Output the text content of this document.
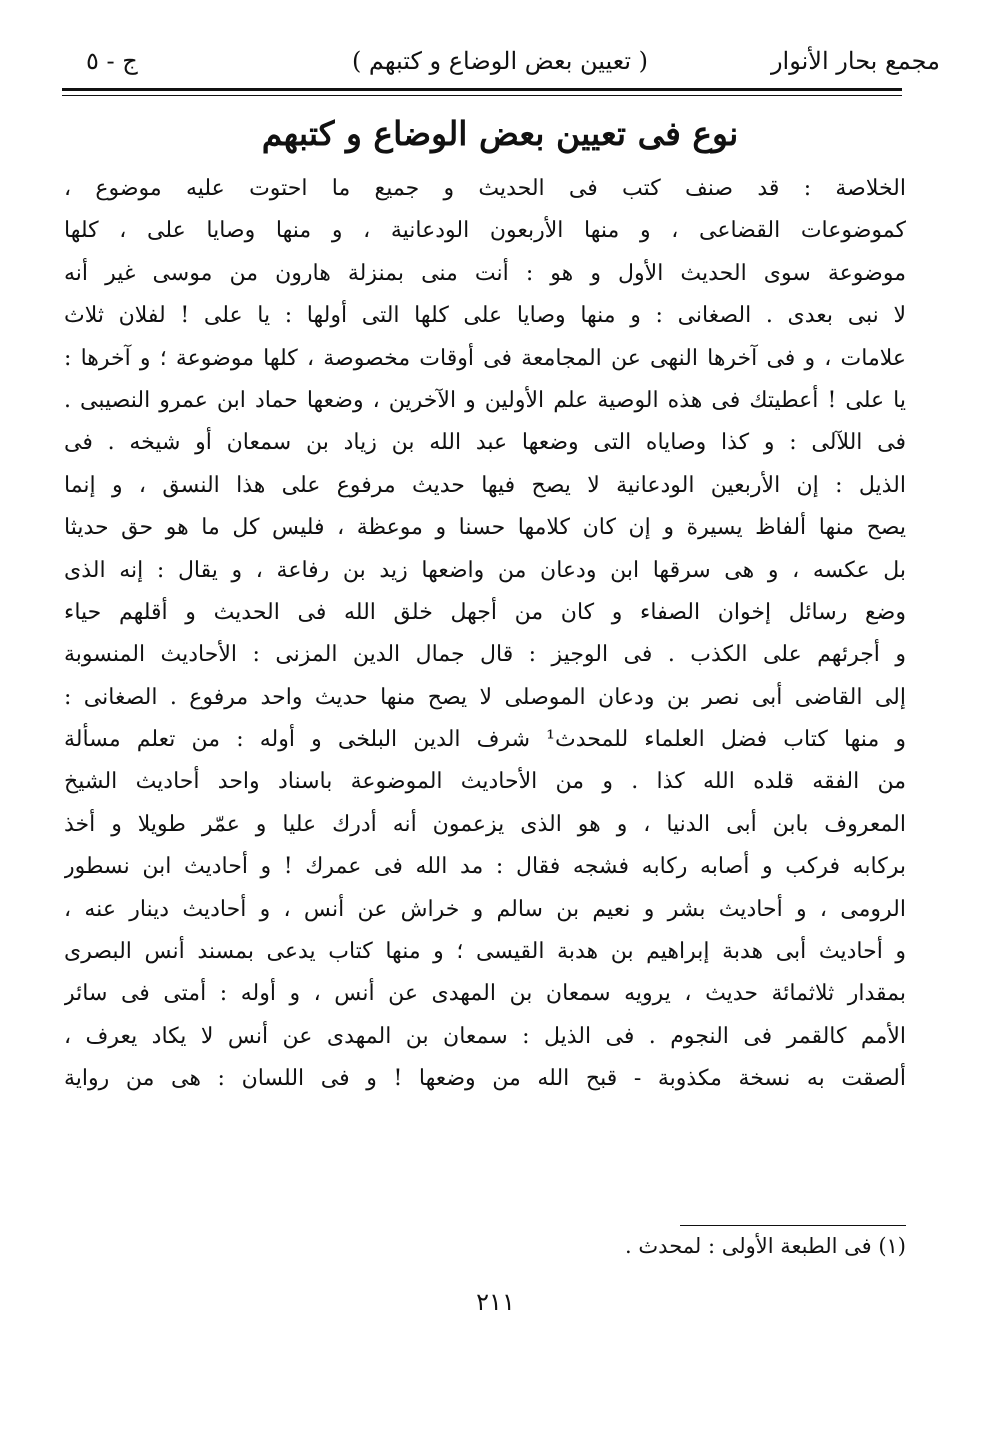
مجمع بحار الأنوار
( تعيين بعض الوضاع و كتبهم )
ج - ٥
نوع فى تعيين بعض الوضاع و كتبهم
الخلاصة : قد صنف كتب فى الحديث و جميع ما احتوت عليه موضوع ،
كموضوعات القضاعى ، و منها الأربعون الودعانية ، و منها وصايا على ، كلها
موضوعة سوى الحديث الأول و هو : أنت منى بمنزلة هارون من موسى غير أنه
لا نبى بعدى . الصغانى : و منها وصايا على كلها التى أولها : يا على ! لفلان ثلاث
علامات ، و فى آخرها النهى عن المجامعة فى أوقات مخصوصة ، كلها موضوعة ؛ و آخرها :
يا على ! أعطيتك فى هذه الوصية علم الأولين و الآخرين ، وضعها حماد ابن عمرو النصيبى .
فى اللآلى : و كذا وصاياه التى وضعها عبد الله بن زياد بن سمعان أو شيخه . فى
الذيل : إن الأربعين الودعانية لا يصح فيها حديث مرفوع على هذا النسق ، و إنما
يصح منها ألفاظ يسيرة و إن كان كلامها حسنا و موعظة ، فليس كل ما هو حق حديثا
بل عكسه ، و هى سرقها ابن ودعان من واضعها زيد بن رفاعة ، و يقال : إنه الذى
وضع رسائل إخوان الصفاء و كان من أجهل خلق الله فى الحديث و أقلهم حياء
و أجرئهم على الكذب . فى الوجيز : قال جمال الدين المزنى : الأحاديث المنسوبة
إلى القاضى أبى نصر بن ودعان الموصلى لا يصح منها حديث واحد مرفوع . الصغانى :
و منها كتاب فضل العلماء للمحدث¹ شرف الدين البلخى و أوله : من تعلم مسألة
من الفقه قلده الله كذا . و من الأحاديث الموضوعة باسناد واحد أحاديث الشيخ
المعروف بابن أبى الدنيا ، و هو الذى يزعمون أنه أدرك عليا و عمّر طويلا و أخذ
بركابه فركب و أصابه ركابه فشجه فقال : مد الله فى عمرك ! و أحاديث ابن نسطور
الرومى ، و أحاديث بشر و نعيم بن سالم و خراش عن أنس ، و أحاديث دينار عنه ،
و أحاديث أبى هدبة إبراهيم بن هدبة القيسى ؛ و منها كتاب يدعى بمسند أنس البصرى
بمقدار ثلاثمائة حديث ، يرويه سمعان بن المهدى عن أنس ، و أوله : أمتى فى سائر
الأمم كالقمر فى النجوم . فى الذيل : سمعان بن المهدى عن أنس لا يكاد يعرف ،
ألصقت به نسخة مكذوبة - قبح الله من وضعها ! و فى اللسان : هى من رواية
(١) فى الطبعة الأولى : لمحدث .
٢١١
